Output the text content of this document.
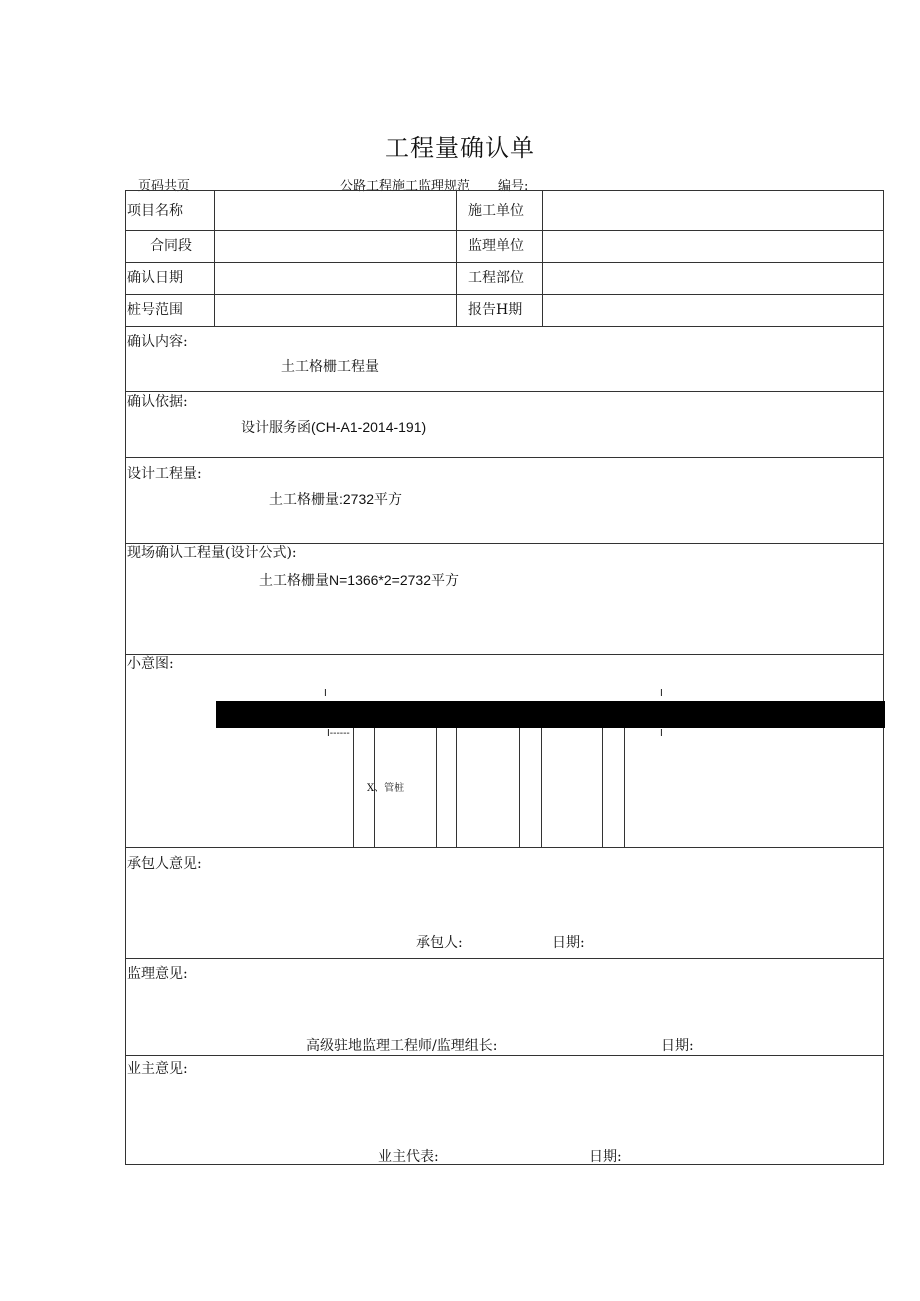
工程量确认单
页码共页	公路工程施工监理规范 编号:
项目名称	施工单位
合同段	监理单位
确认日期	工程部位
桩号范围	报告H期
确认内容:
土工格栅工程量
确认依据:
设计服务函(CH-A1-2014-191)
设计工程量:
土工格栅量:2732平方
现场确认工程量(设计公式):
土工格栅量N=1366*2=2732平方
小意图:
I	I
I------	I
X、管桩
承包人意见:
承包人:	日期:
监理意见:
高级驻地监理工程师/监理组长:	日期:
业主意见:
业主代表:	日期:
